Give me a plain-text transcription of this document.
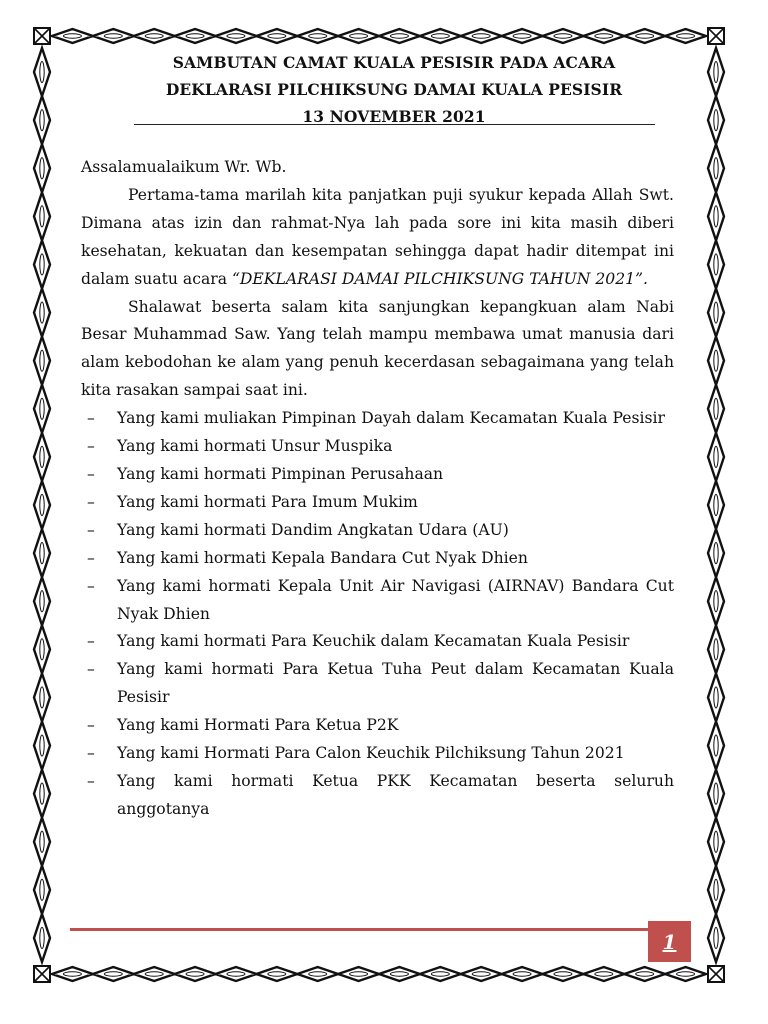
SAMBUTAN CAMAT KUALA PESISIR PADA ACARA
DEKLARASI PILCHIKSUNG DAMAI KUALA PESISIR
13 NOVEMBER 2021

Assalamualaikum Wr. Wb.

Pertama-tama marilah kita panjatkan puji syukur kepada Allah Swt. Dimana atas izin dan rahmat-Nya lah pada sore ini kita masih diberi kesehatan, kekuatan dan kesempatan sehingga dapat hadir ditempat ini dalam suatu acara “DEKLARASI DAMAI PILCHIKSUNG TAHUN 2021”.

Shalawat beserta salam kita sanjungkan kepangkuan alam Nabi Besar Muhammad Saw. Yang telah mampu membawa umat manusia dari alam kebodohan ke alam yang penuh kecerdasan sebagaimana yang telah kita rasakan sampai saat ini.

– Yang kami muliakan Pimpinan Dayah dalam Kecamatan Kuala Pesisir
– Yang kami hormati Unsur Muspika
– Yang kami hormati Pimpinan Perusahaan
– Yang kami hormati Para Imum Mukim
– Yang kami hormati Dandim Angkatan Udara (AU)
– Yang kami hormati Kepala Bandara Cut Nyak Dhien
– Yang kami hormati Kepala Unit Air Navigasi (AIRNAV) Bandara Cut Nyak Dhien
– Yang kami hormati Para Keuchik dalam Kecamatan Kuala Pesisir
– Yang kami hormati Para Ketua Tuha Peut dalam Kecamatan Kuala Pesisir
– Yang kami Hormati Para Ketua P2K
– Yang kami Hormati Para Calon Keuchik Pilchiksung Tahun 2021
– Yang kami hormati Ketua PKK Kecamatan beserta seluruh anggotanya
1
